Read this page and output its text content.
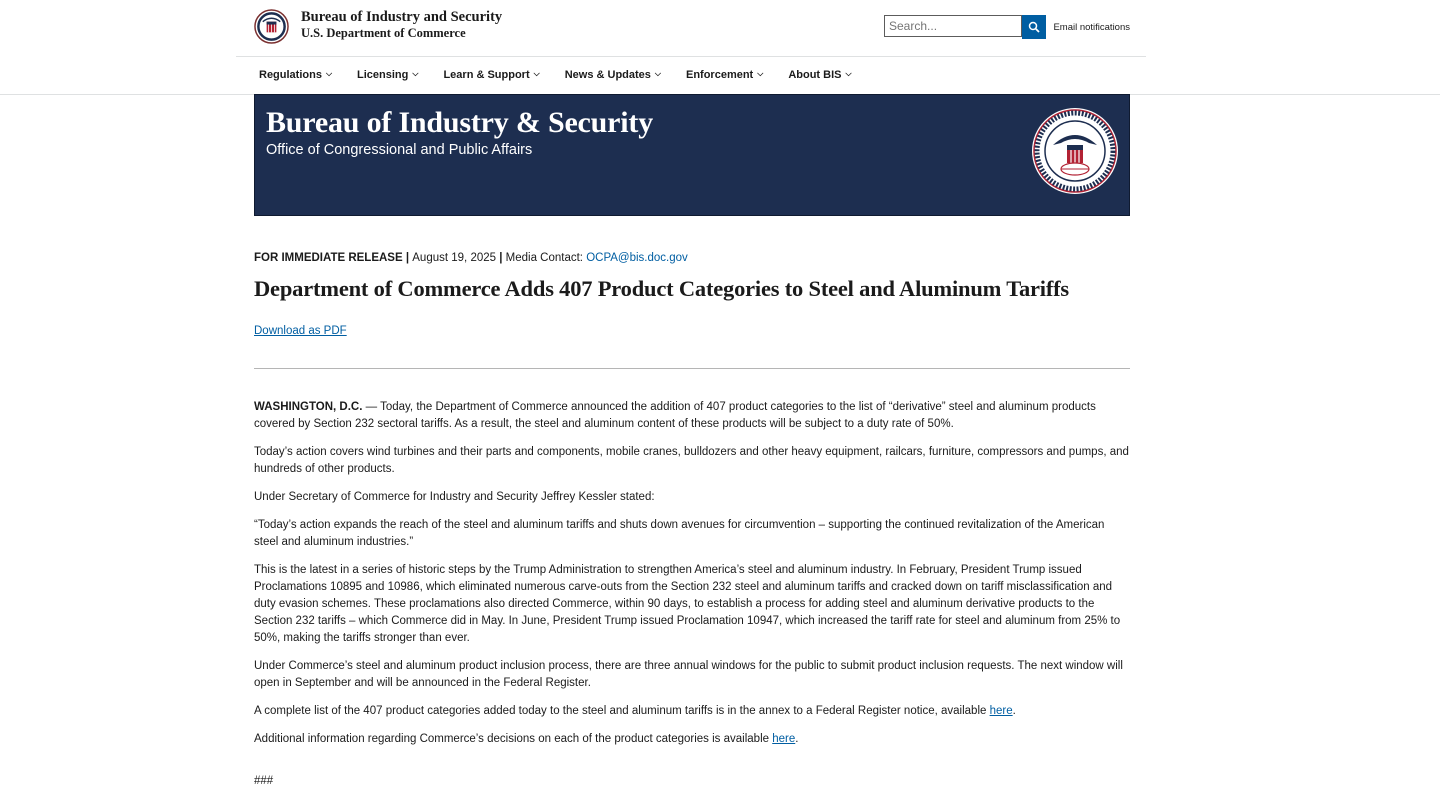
Bureau of Industry and Security
U.S. Department of Commerce
Search...	Email notifications
Regulations ⌵ Licensing ⌵ Learn & Support ⌵ News & Updates ⌵ Enforcement ⌵ About BIS ⌵
Bureau of Industry & Security
Office of Congressional and Public Affairs
FOR IMMEDIATE RELEASE | August 19, 2025 | Media Contact: OCPA@bis.doc.gov
Department of Commerce Adds 407 Product Categories to Steel and Aluminum Tariffs
Download as PDF

WASHINGTON, D.C. — Today, the Department of Commerce announced the addition of 407 product categories to the list of “derivative” steel and aluminum products covered by Section 232 sectoral tariffs. As a result, the steel and aluminum content of these products will be subject to a duty rate of 50%.

Today’s action covers wind turbines and their parts and components, mobile cranes, bulldozers and other heavy equipment, railcars, furniture, compressors and pumps, and hundreds of other products.

Under Secretary of Commerce for Industry and Security Jeffrey Kessler stated:

“Today’s action expands the reach of the steel and aluminum tariffs and shuts down avenues for circumvention – supporting the continued revitalization of the American steel and aluminum industries.”

This is the latest in a series of historic steps by the Trump Administration to strengthen America’s steel and aluminum industry. In February, President Trump issued Proclamations 10895 and 10986, which eliminated numerous carve-outs from the Section 232 steel and aluminum tariffs and cracked down on tariff misclassification and duty evasion schemes. These proclamations also directed Commerce, within 90 days, to establish a process for adding steel and aluminum derivative products to the Section 232 tariffs – which Commerce did in May. In June, President Trump issued Proclamation 10947, which increased the tariff rate for steel and aluminum from 25% to 50%, making the tariffs stronger than ever.

Under Commerce’s steel and aluminum product inclusion process, there are three annual windows for the public to submit product inclusion requests. The next window will open in September and will be announced in the Federal Register.

A complete list of the 407 product categories added today to the steel and aluminum tariffs is in the annex to a Federal Register notice, available here.

Additional information regarding Commerce’s decisions on each of the product categories is available here.

###
